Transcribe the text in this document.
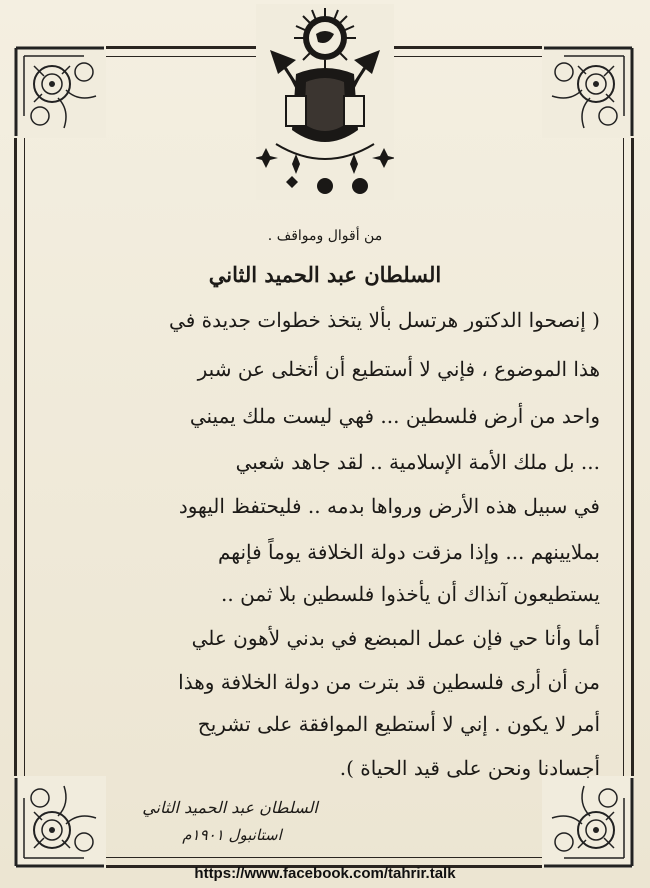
من أقوال ومواقف .
السلطان عبد الحميد الثاني
( إنصحوا الدكتور هرتسل بألا يتخذ خطوات جديدة في
هذا الموضوع ، فإني لا أستطيع أن أتخلى عن شبر
واحد من أرض فلسطين ... فهي ليست ملك يميني
... بل ملك الأمة الإسلامية .. لقد جاهد شعبي
في سبيل هذه الأرض ورواها بدمه .. فليحتفظ اليهود
بملايينهم ... وإذا مزقت دولة الخلافة يوماً فإنهم
يستطيعون آنذاك أن يأخذوا فلسطين بلا ثمن ..
أما وأنا حي فإن عمل المبضع في بدني لأهون علي
من أن أرى فلسطين قد بترت من دولة الخلافة وهذا
أمر لا يكون . إني لا أستطيع الموافقة على تشريح
أجسادنا ونحن على قيد الحياة ).
السلطان عبد الحميد الثاني
استانبول ١٩٠١م
https://www.facebook.com/tahrir.talk
